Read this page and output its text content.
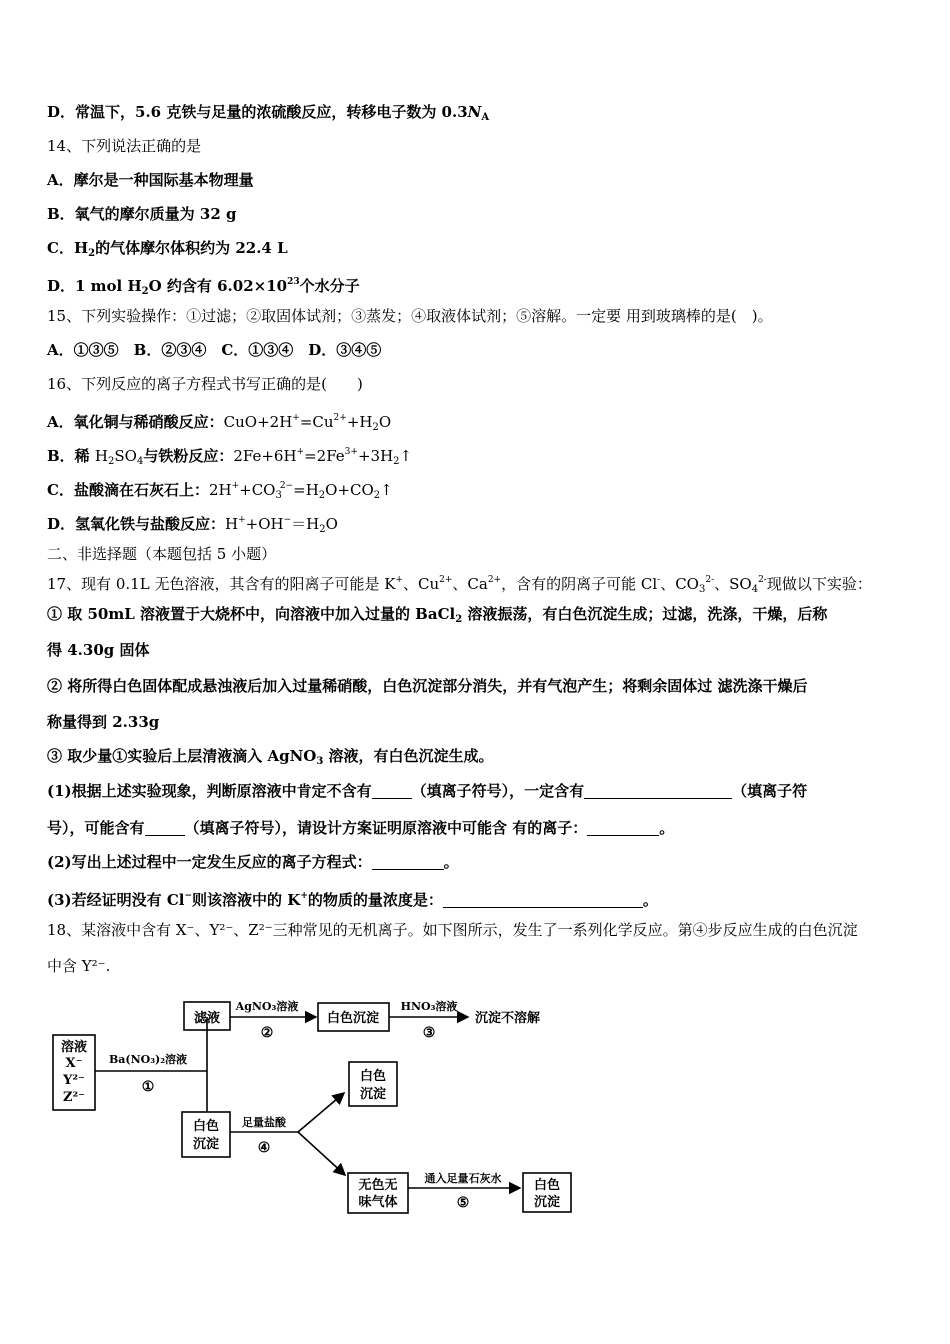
D．常温下，5.6 克铁与足量的浓硫酸反应，转移电子数为 $0.3N_A$
14、下列说法正确的是
A．摩尔是一种国际基本物理量
B．氧气的摩尔质量为 32 g
C．$H_2$的气体摩尔体积约为 22.4 L
D．1 mol $H_2O$ 约含有 $6.02\times 10^{23}$个水分子
15、下列实验操作：①过滤；②取固体试剂；③蒸发；④取液体试剂；⑤溶解。一定要 用到玻璃棒的是(　)。
A．①③⑤　B．②③④　C．①③④　D．③④⑤
16、下列反应的离子方程式书写正确的是(　　)
A．氧化铜与稀硝酸反应：$CuO+2H^+=Cu^{2+}+H_2O$
B．稀 $H_2SO_4$与铁粉反应：$2Fe+6H^+=2Fe^{3+}+3H_2↑$
C．盐酸滴在石灰石上：$2H^++CO_3^{2-}=H_2O+CO_2↑$
D．氢氧化铁与盐酸反应：$H^++OH^-=H_2O$
二、非选择题（本题包括 5 小题）
17、现有 0.1L 无色溶液，其含有的阳离子可能是 K+、$Cu^{2+}$、$Ca^{2+}$，含有的阴离子可能 Cl-、$CO_3^{2-}$、$SO_4^{2-}$现做以下实验：
① 取 50mL 溶液置于大烧杯中，向溶液中加入过量的 BaCl$_2$ 溶液振荡，有白色沉淀生成；过滤，洗涤，干燥，后称
得 4.30g 固体
② 将所得白色固体配成悬浊液后加入过量稀硝酸，白色沉淀部分消失，并有气泡产生；将剩余固体过 滤洗涤干燥后
称量得到 2.33g
③ 取少量①实验后上层清液滴入 AgNO$_3$ 溶液，有白色沉淀生成。
(1)根据上述实验现象，判断原溶液中肯定不含有	（填离子符号），一定含有	（填离子符
号），可能含有	（填离子符号），请设计方案证明原溶液中可能含 有的离子：	。
(2)写出上述过程中一定发生反应的离子方程式：	。
(3)若经证明没有 Cl−则该溶液中的 K+的物质的量浓度是：	。
18、某溶液中含有 X⁻、Y²⁻、Z²⁻三种常见的无机离子。如下图所示，发生了一系列化学反应。第④步反应生成的白色沉淀
中含 Y²⁻.
溶液
X⁻
Y²⁻
Z²⁻
Ba(NO₃)₂溶液
①
滤液
AgNO₃溶液
②
白色沉淀
HNO₃溶液
③
沉淀不溶解
白色
沉淀
足量盐酸
④
白色
沉淀
无色无
味气体
通入足量石灰水
⑤
白色
沉淀
